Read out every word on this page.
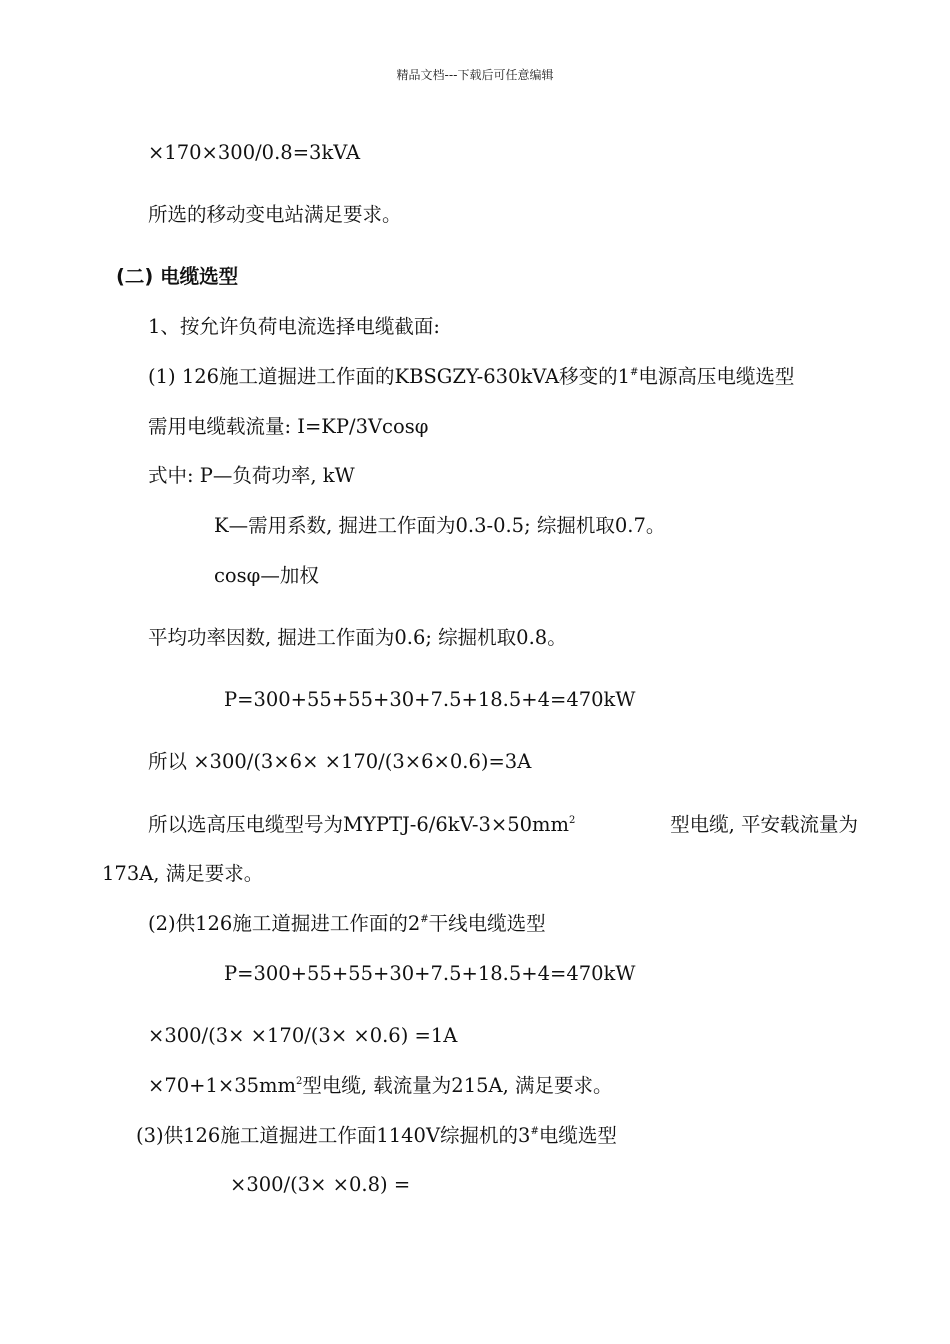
精品文档---下载后可任意编辑
×170×300/0.8=3kVA
所选的移动变电站满足要求。
(二) 电缆选型
1、按允许负荷电流选择电缆截面:
(1) 126施工道掘进工作面的KBSGZY-630kVA移变的1#电源高压电缆选型
需用电缆载流量: I=KP/3Vcosφ
式中: P—负荷功率, kW
K—需用系数, 掘进工作面为0.3-0.5; 综掘机取0.7。
cosφ—加权
平均功率因数, 掘进工作面为0.6; 综掘机取0.8。
P=300+55+55+30+7.5+18.5+4=470kW
所以 ×300/(3×6× ×170/(3×6×0.6)=3A
所以选高压电缆型号为MYPTJ-$6/6kV-3\times 50mm^2$	型电缆, 平安载流量为
173A, 满足要求。
(2)供126施工道掘进工作面的2#干线电缆选型
P=300+55+55+30+7.5+18.5+4=470kW
×300/(3× ×170/(3× ×0.6) =1A
$\times 70+1\times 35mm^2$型电缆, 载流量为215A, 满足要求。
(3)供126施工道掘进工作面1140V综掘机的3#电缆选型
×300/(3× ×0.8) =
